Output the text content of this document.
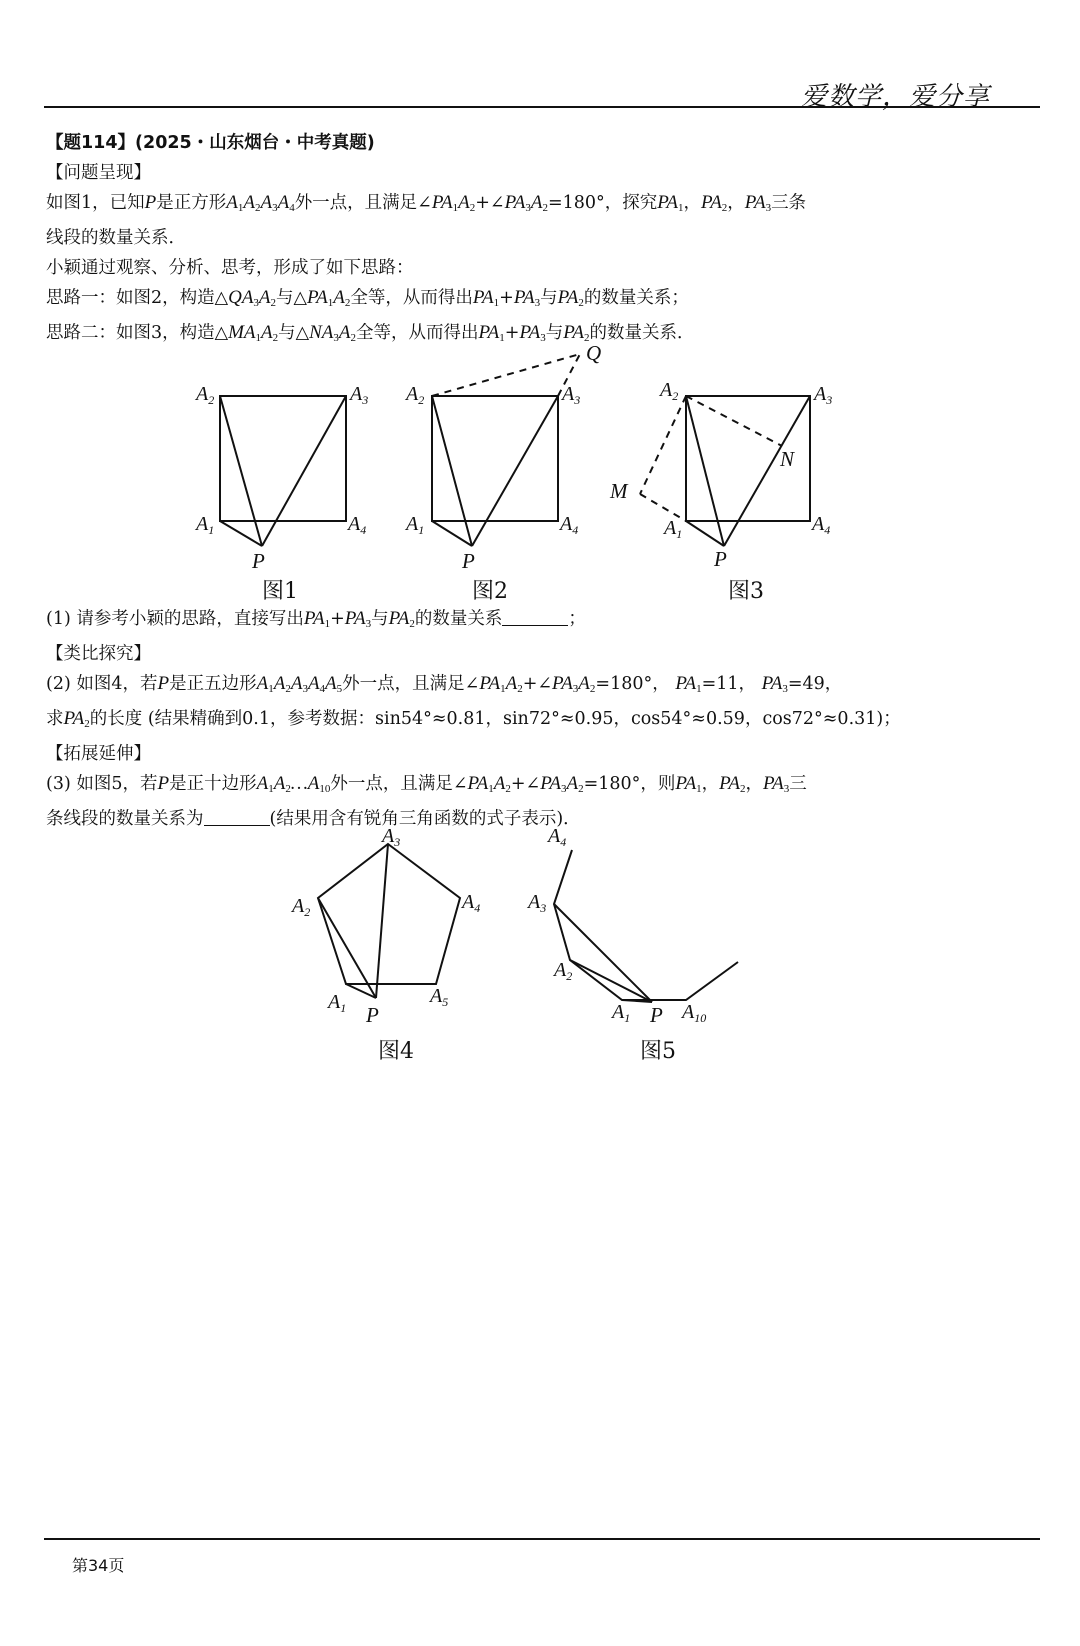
爱数学，爱分享
【题114】(2025・山东烟台・中考真题)
【问题呈现】
如图1，已知P是正方形$A_1A_2A_3A_4$外一点，且满足$\angle PA_1A_2+\angle PA_3A_2=180^\circ$，探究$PA_1$，$PA_2$，$PA_3$三条
线段的数量关系．
小颖通过观察、分析、思考，形成了如下思路：
思路一：如图2，构造$\triangle QA_3A_2$与$\triangle PA_1A_2$全等，从而得出$PA_1+PA_3$与$PA_2$的数量关系；
思路二：如图3，构造$\triangle MA_1A_2$与$\triangle NA_3A_2$全等，从而得出$PA_1+PA_3$与$PA_2$的数量关系．
$A_2$	$A_3$
$A_1$	$A_4$
P
图1
$A_2$	$A_3$
$A_1$	$A_4$
P
Q
图2
$A_2$	$A_3$
$A_1$	$A_4$
P
M
N
图3
(1) 请参考小颖的思路，直接写出$PA_1+PA_3$与$PA_2$的数量关系	；
【类比探究】
(2) 如图4，若P是正五边形$A_1A_2A_3A_4A_5$外一点，且满足$\angle PA_1A_2+\angle PA_3A_2=180^\circ$， $PA_1=11$， $PA_3=49$，
求$PA_2$的长度 (结果精确到0.1，参考数据：sin54°≈0.81，sin72°≈0.95，cos54°≈0.59，cos72°≈0.31)；
【拓展延伸】
(3) 如图5，若P是正十边形$A_1A_2\dots A_{10}$外一点，且满足$\angle PA_1A_2+\angle PA_3A_2=180^\circ$，则$PA_1$，$PA_2$，$PA_3$三
条线段的数量关系为	(结果用含有锐角三角函数的式子表示)．
$A_3$
$A_4$
$A_2$
$A_5$
$A_1$ P
图4
$A_4$
$A_3$
$A_2$
$A_1$ P $A_{10}$
图5
第34页
